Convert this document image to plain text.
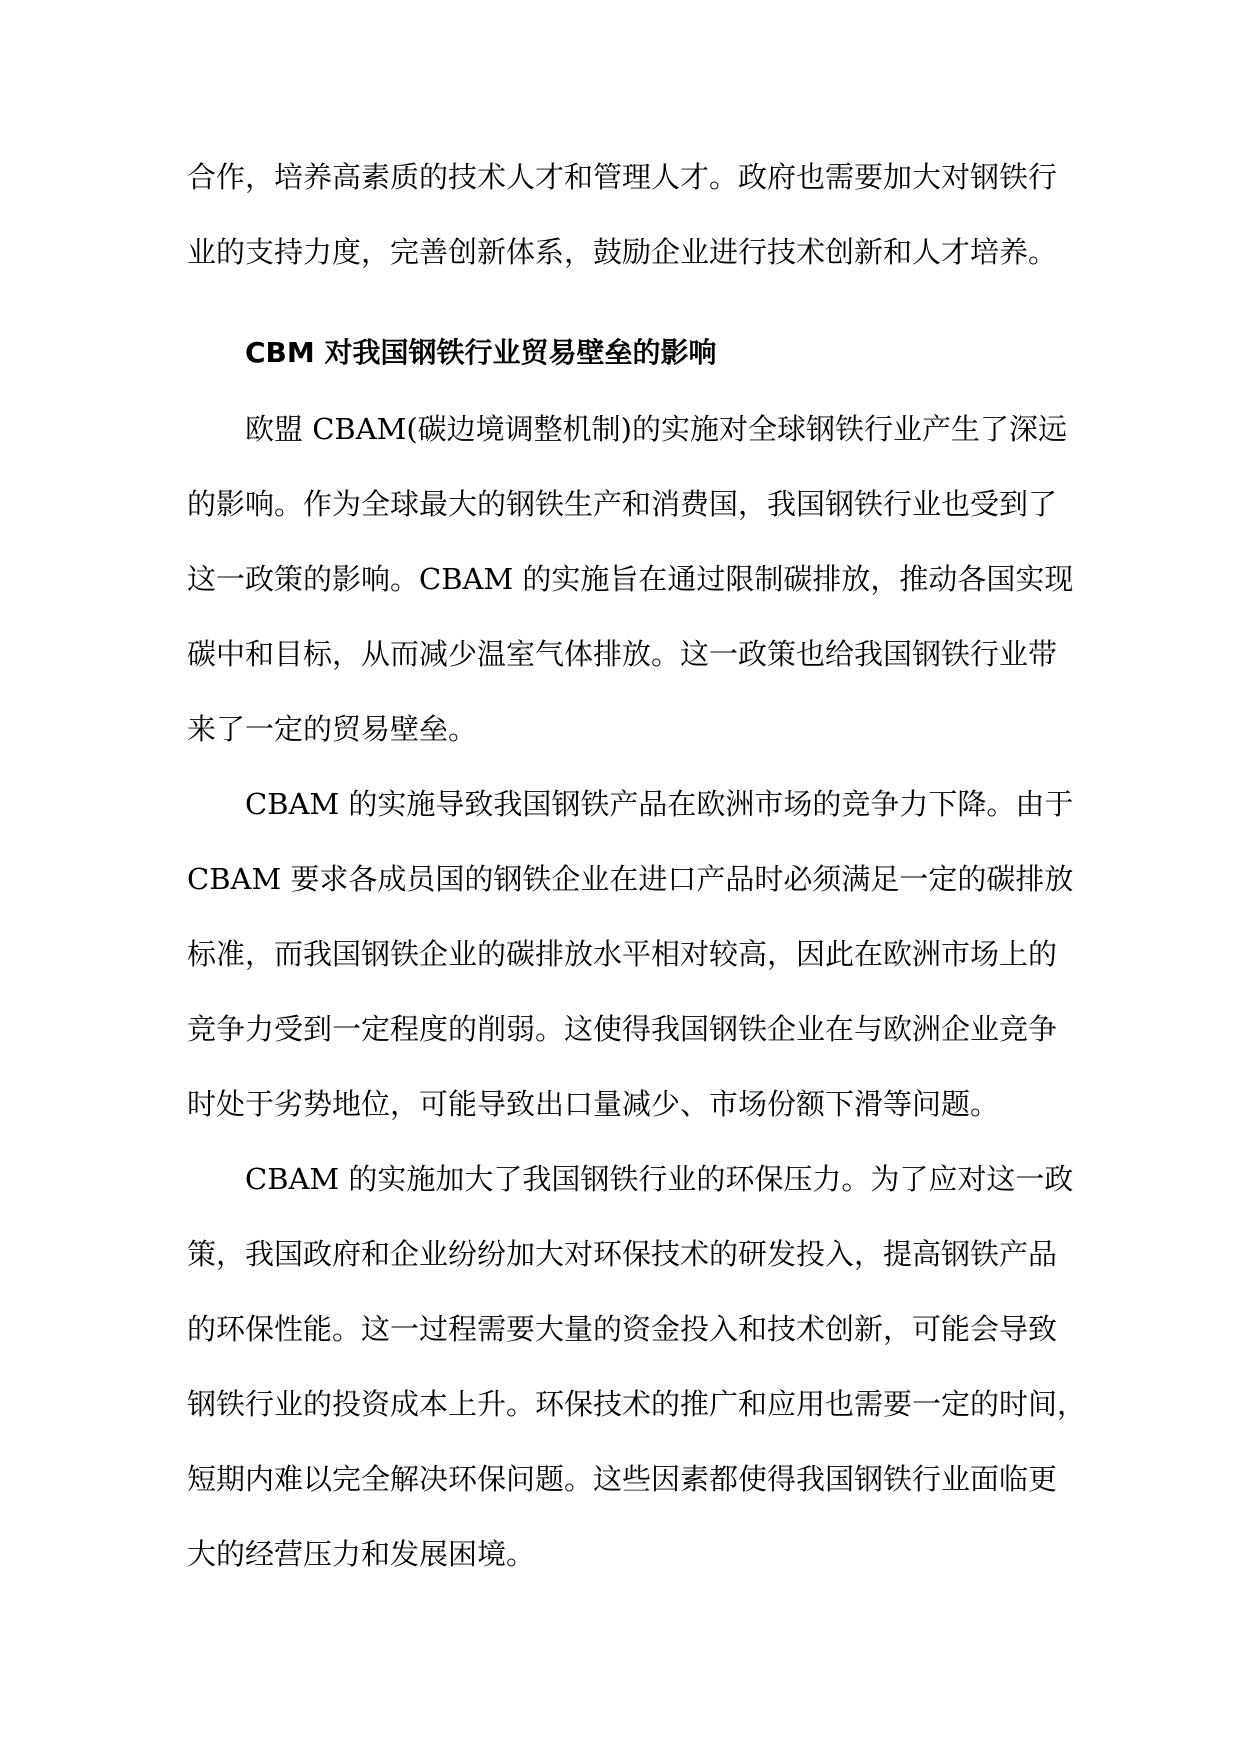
合作，培养高素质的技术人才和管理人才。政府也需要加大对钢铁行
业的支持力度，完善创新体系，鼓励企业进行技术创新和人才培养。
CBM 对我国钢铁行业贸易壁垒的影响
欧盟 CBAM(碳边境调整机制)的实施对全球钢铁行业产生了深远
的影响。作为全球最大的钢铁生产和消费国，我国钢铁行业也受到了
这一政策的影响。CBAM 的实施旨在通过限制碳排放，推动各国实现
碳中和目标，从而减少温室气体排放。这一政策也给我国钢铁行业带
来了一定的贸易壁垒。
CBAM 的实施导致我国钢铁产品在欧洲市场的竞争力下降。由于
CBAM 要求各成员国的钢铁企业在进口产品时必须满足一定的碳排放
标准，而我国钢铁企业的碳排放水平相对较高，因此在欧洲市场上的
竞争力受到一定程度的削弱。这使得我国钢铁企业在与欧洲企业竞争
时处于劣势地位，可能导致出口量减少、市场份额下滑等问题。
CBAM 的实施加大了我国钢铁行业的环保压力。为了应对这一政
策，我国政府和企业纷纷加大对环保技术的研发投入，提高钢铁产品
的环保性能。这一过程需要大量的资金投入和技术创新，可能会导致
钢铁行业的投资成本上升。环保技术的推广和应用也需要一定的时间，
短期内难以完全解决环保问题。这些因素都使得我国钢铁行业面临更
大的经营压力和发展困境。
